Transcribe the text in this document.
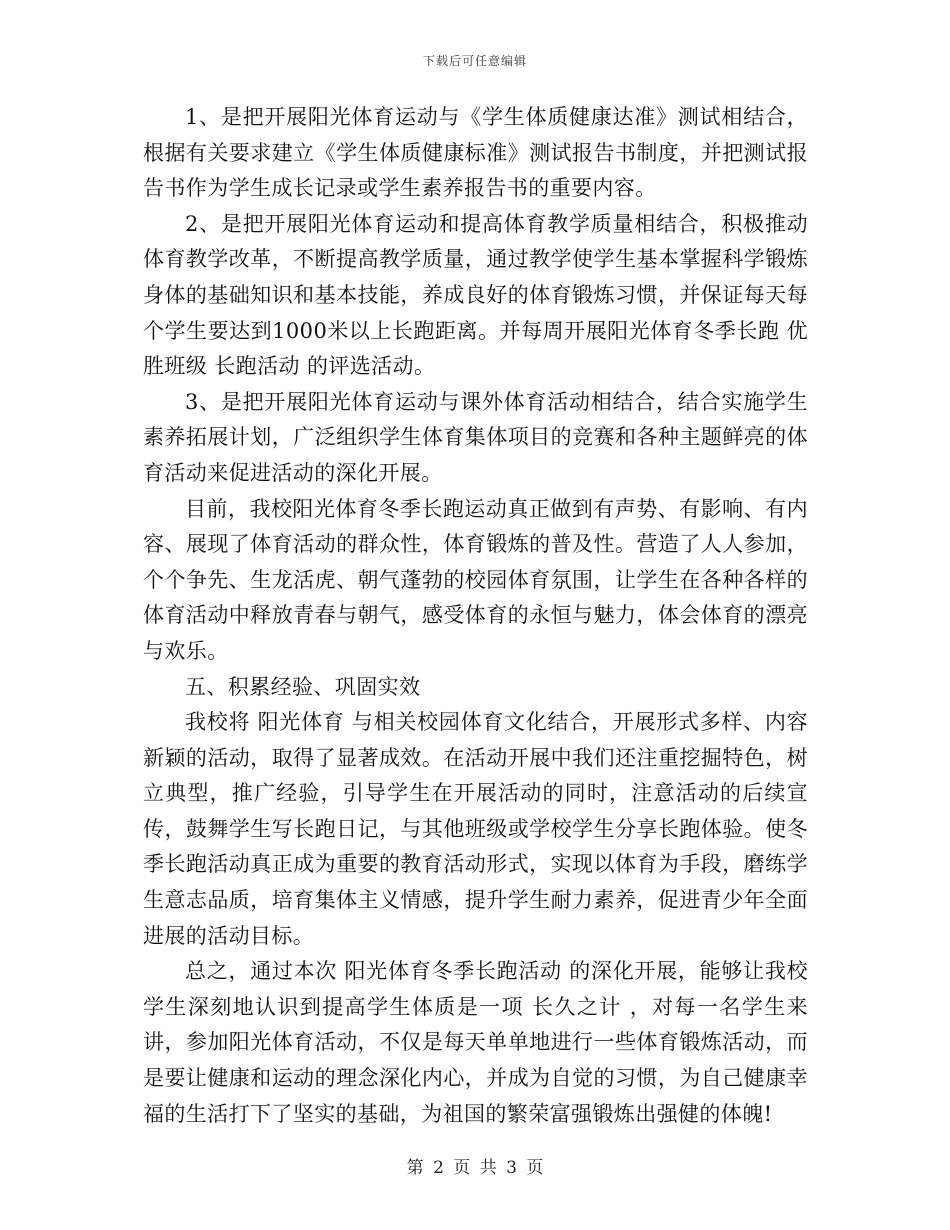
下载后可任意编辑

1、是把开展阳光体育运动与《学生体质健康达准》测试相结合，根据有关要求建立《学生体质健康标准》测试报告书制度，并把测试报告书作为学生成长记录或学生素养报告书的重要内容。

2、是把开展阳光体育运动和提高体育教学质量相结合，积极推动体育教学改革，不断提高教学质量，通过教学使学生基本掌握科学锻炼身体的基础知识和基本技能，养成良好的体育锻炼习惯，并保证每天每个学生要达到1000米以上长跑距离。并每周开展阳光体育冬季长跑 优胜班级 长跑活动 的评选活动。

3、是把开展阳光体育运动与课外体育活动相结合，结合实施学生素养拓展计划，广泛组织学生体育集体项目的竞赛和各种主题鲜亮的体育活动来促进活动的深化开展。

目前，我校阳光体育冬季长跑运动真正做到有声势、有影响、有内容、展现了体育活动的群众性，体育锻炼的普及性。营造了人人参加，个个争先、生龙活虎、朝气蓬勃的校园体育氛围，让学生在各种各样的体育活动中释放青春与朝气，感受体育的永恒与魅力，体会体育的漂亮与欢乐。

五、积累经验、巩固实效

我校将 阳光体育 与相关校园体育文化结合，开展形式多样、内容新颖的活动，取得了显著成效。在活动开展中我们还注重挖掘特色，树立典型，推广经验，引导学生在开展活动的同时，注意活动的后续宣传，鼓舞学生写长跑日记，与其他班级或学校学生分享长跑体验。使冬季长跑活动真正成为重要的教育活动形式，实现以体育为手段，磨练学生意志品质，培育集体主义情感，提升学生耐力素养，促进青少年全面进展的活动目标。

总之，通过本次 阳光体育冬季长跑活动 的深化开展，能够让我校学生深刻地认识到提高学生体质是一项 长久之计 ，对每一名学生来讲，参加阳光体育活动，不仅是每天单单地进行一些体育锻炼活动，而是要让健康和运动的理念深化内心，并成为自觉的习惯，为自己健康幸福的生活打下了坚实的基础，为祖国的繁荣富强锻炼出强健的体魄!

第 2 页 共 3 页
